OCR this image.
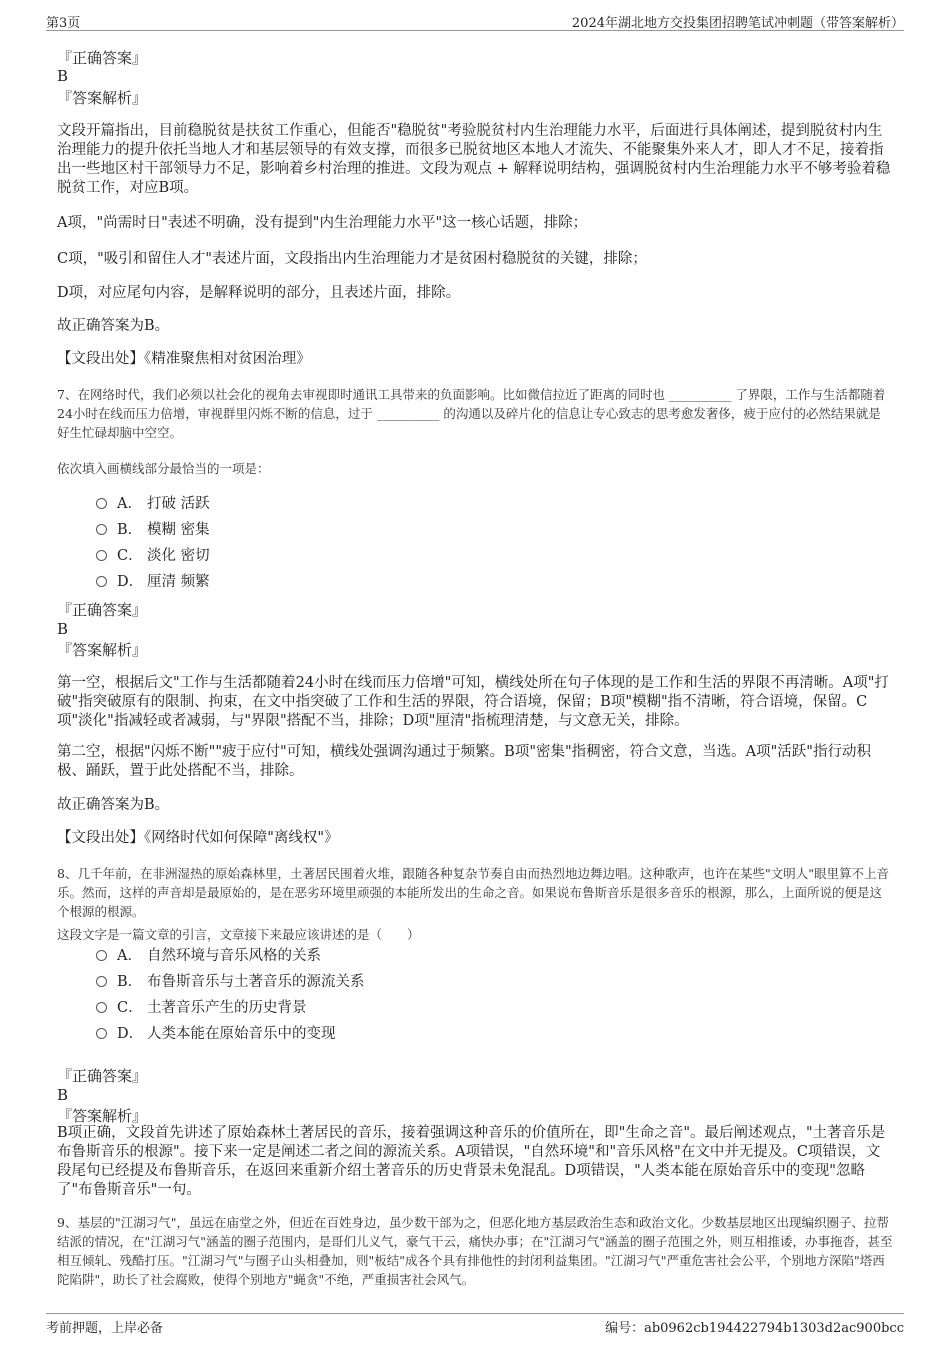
第3页	2024年湖北地方交投集团招聘笔试冲刺题（带答案解析）
『正确答案』
B
『答案解析』
文段开篇指出，目前稳脱贫是扶贫工作重心，但能否"稳脱贫"考验脱贫村内生治理能力水平，后面进行具体阐述，提到脱贫村内生治理能力的提升依托当地人才和基层领导的有效支撑，而很多已脱贫地区本地人才流失、不能聚集外来人才，即人才不足，接着指出一些地区村干部领导力不足，影响着乡村治理的推进。文段为观点 + 解释说明结构，强调脱贫村内生治理能力水平不够考验着稳脱贫工作，对应B项。
A项，"尚需时日"表述不明确，没有提到"内生治理能力水平"这一核心话题，排除；
C项，"吸引和留住人才"表述片面，文段指出内生治理能力才是贫困村稳脱贫的关键，排除；
D项，对应尾句内容，是解释说明的部分，且表述片面，排除。
故正确答案为B。
【文段出处】《精准聚焦相对贫困治理》
7、在网络时代，我们必须以社会化的视角去审视即时通讯工具带来的负面影响。比如微信拉近了距离的同时也 __________ 了界限，工作与生活都随着24小时在线而压力倍增，审视群里闪烁不断的信息，过于 __________ 的沟通以及碎片化的信息让专心致志的思考愈发奢侈，疲于应付的必然结果就是好生忙碌却脑中空空。
依次填入画横线部分最恰当的一项是：
A． 打破 活跃
B． 模糊 密集
C． 淡化 密切
D． 厘清 频繁
『正确答案』
B
『答案解析』
第一空，根据后文"工作与生活都随着24小时在线而压力倍增"可知，横线处所在句子体现的是工作和生活的界限不再清晰。A项"打破"指突破原有的限制、拘束，在文中指突破了工作和生活的界限，符合语境，保留；B项"模糊"指不清晰，符合语境，保留。C项"淡化"指减轻或者减弱，与"界限"搭配不当，排除；D项"厘清"指梳理清楚，与文意无关，排除。
第二空，根据"闪烁不断""疲于应付"可知，横线处强调沟通过于频繁。B项"密集"指稠密，符合文意，当选。A项"活跃"指行动积极、踊跃，置于此处搭配不当，排除。
故正确答案为B。
【文段出处】《网络时代如何保障"离线权"》
8、几千年前，在非洲湿热的原始森林里，土著居民围着火堆，跟随各种复杂节奏自由而热烈地边舞边唱。这种歌声，也许在某些"文明人"眼里算不上音乐。然而，这样的声音却是最原始的，是在恶劣环境里顽强的本能所发出的生命之音。如果说布鲁斯音乐是很多音乐的根源，那么，上面所说的便是这个根源的根源。
这段文字是一篇文章的引言，文章接下来最应该讲述的是（　　）
A． 自然环境与音乐风格的关系
B． 布鲁斯音乐与土著音乐的源流关系
C． 土著音乐产生的历史背景
D． 人类本能在原始音乐中的变现
『正确答案』
B
『答案解析』
B项正确，文段首先讲述了原始森林土著居民的音乐，接着强调这种音乐的价值所在，即"生命之音"。最后阐述观点，"土著音乐是布鲁斯音乐的根源"。接下来一定是阐述二者之间的源流关系。A项错误，"自然环境"和"音乐风格"在文中并无提及。C项错误，文段尾句已经提及布鲁斯音乐，在返回来重新介绍土著音乐的历史背景未免混乱。D项错误，"人类本能在原始音乐中的变现"忽略了"布鲁斯音乐"一句。
9、基层的"江湖习气"，虽远在庙堂之外，但近在百姓身边，虽少数干部为之，但恶化地方基层政治生态和政治文化。少数基层地区出现编织圈子、拉帮结派的情况，在"江湖习气"涵盖的圈子范围内，是哥们儿义气，豪气干云，痛快办事；在"江湖习气"涵盖的圈子范围之外，则互相推诿，办事拖沓，甚至相互倾轧、残酷打压。"江湖习气"与圈子山头相叠加，则"板结"成各个具有排他性的封闭利益集团。"江湖习气"严重危害社会公平，个别地方深陷"塔西陀陷阱"，助长了社会腐败，使得个别地方"蝇贪"不绝，严重损害社会风气。
考前押题，上岸必备	编号：ab0962cb194422794b1303d2ac900bcc
